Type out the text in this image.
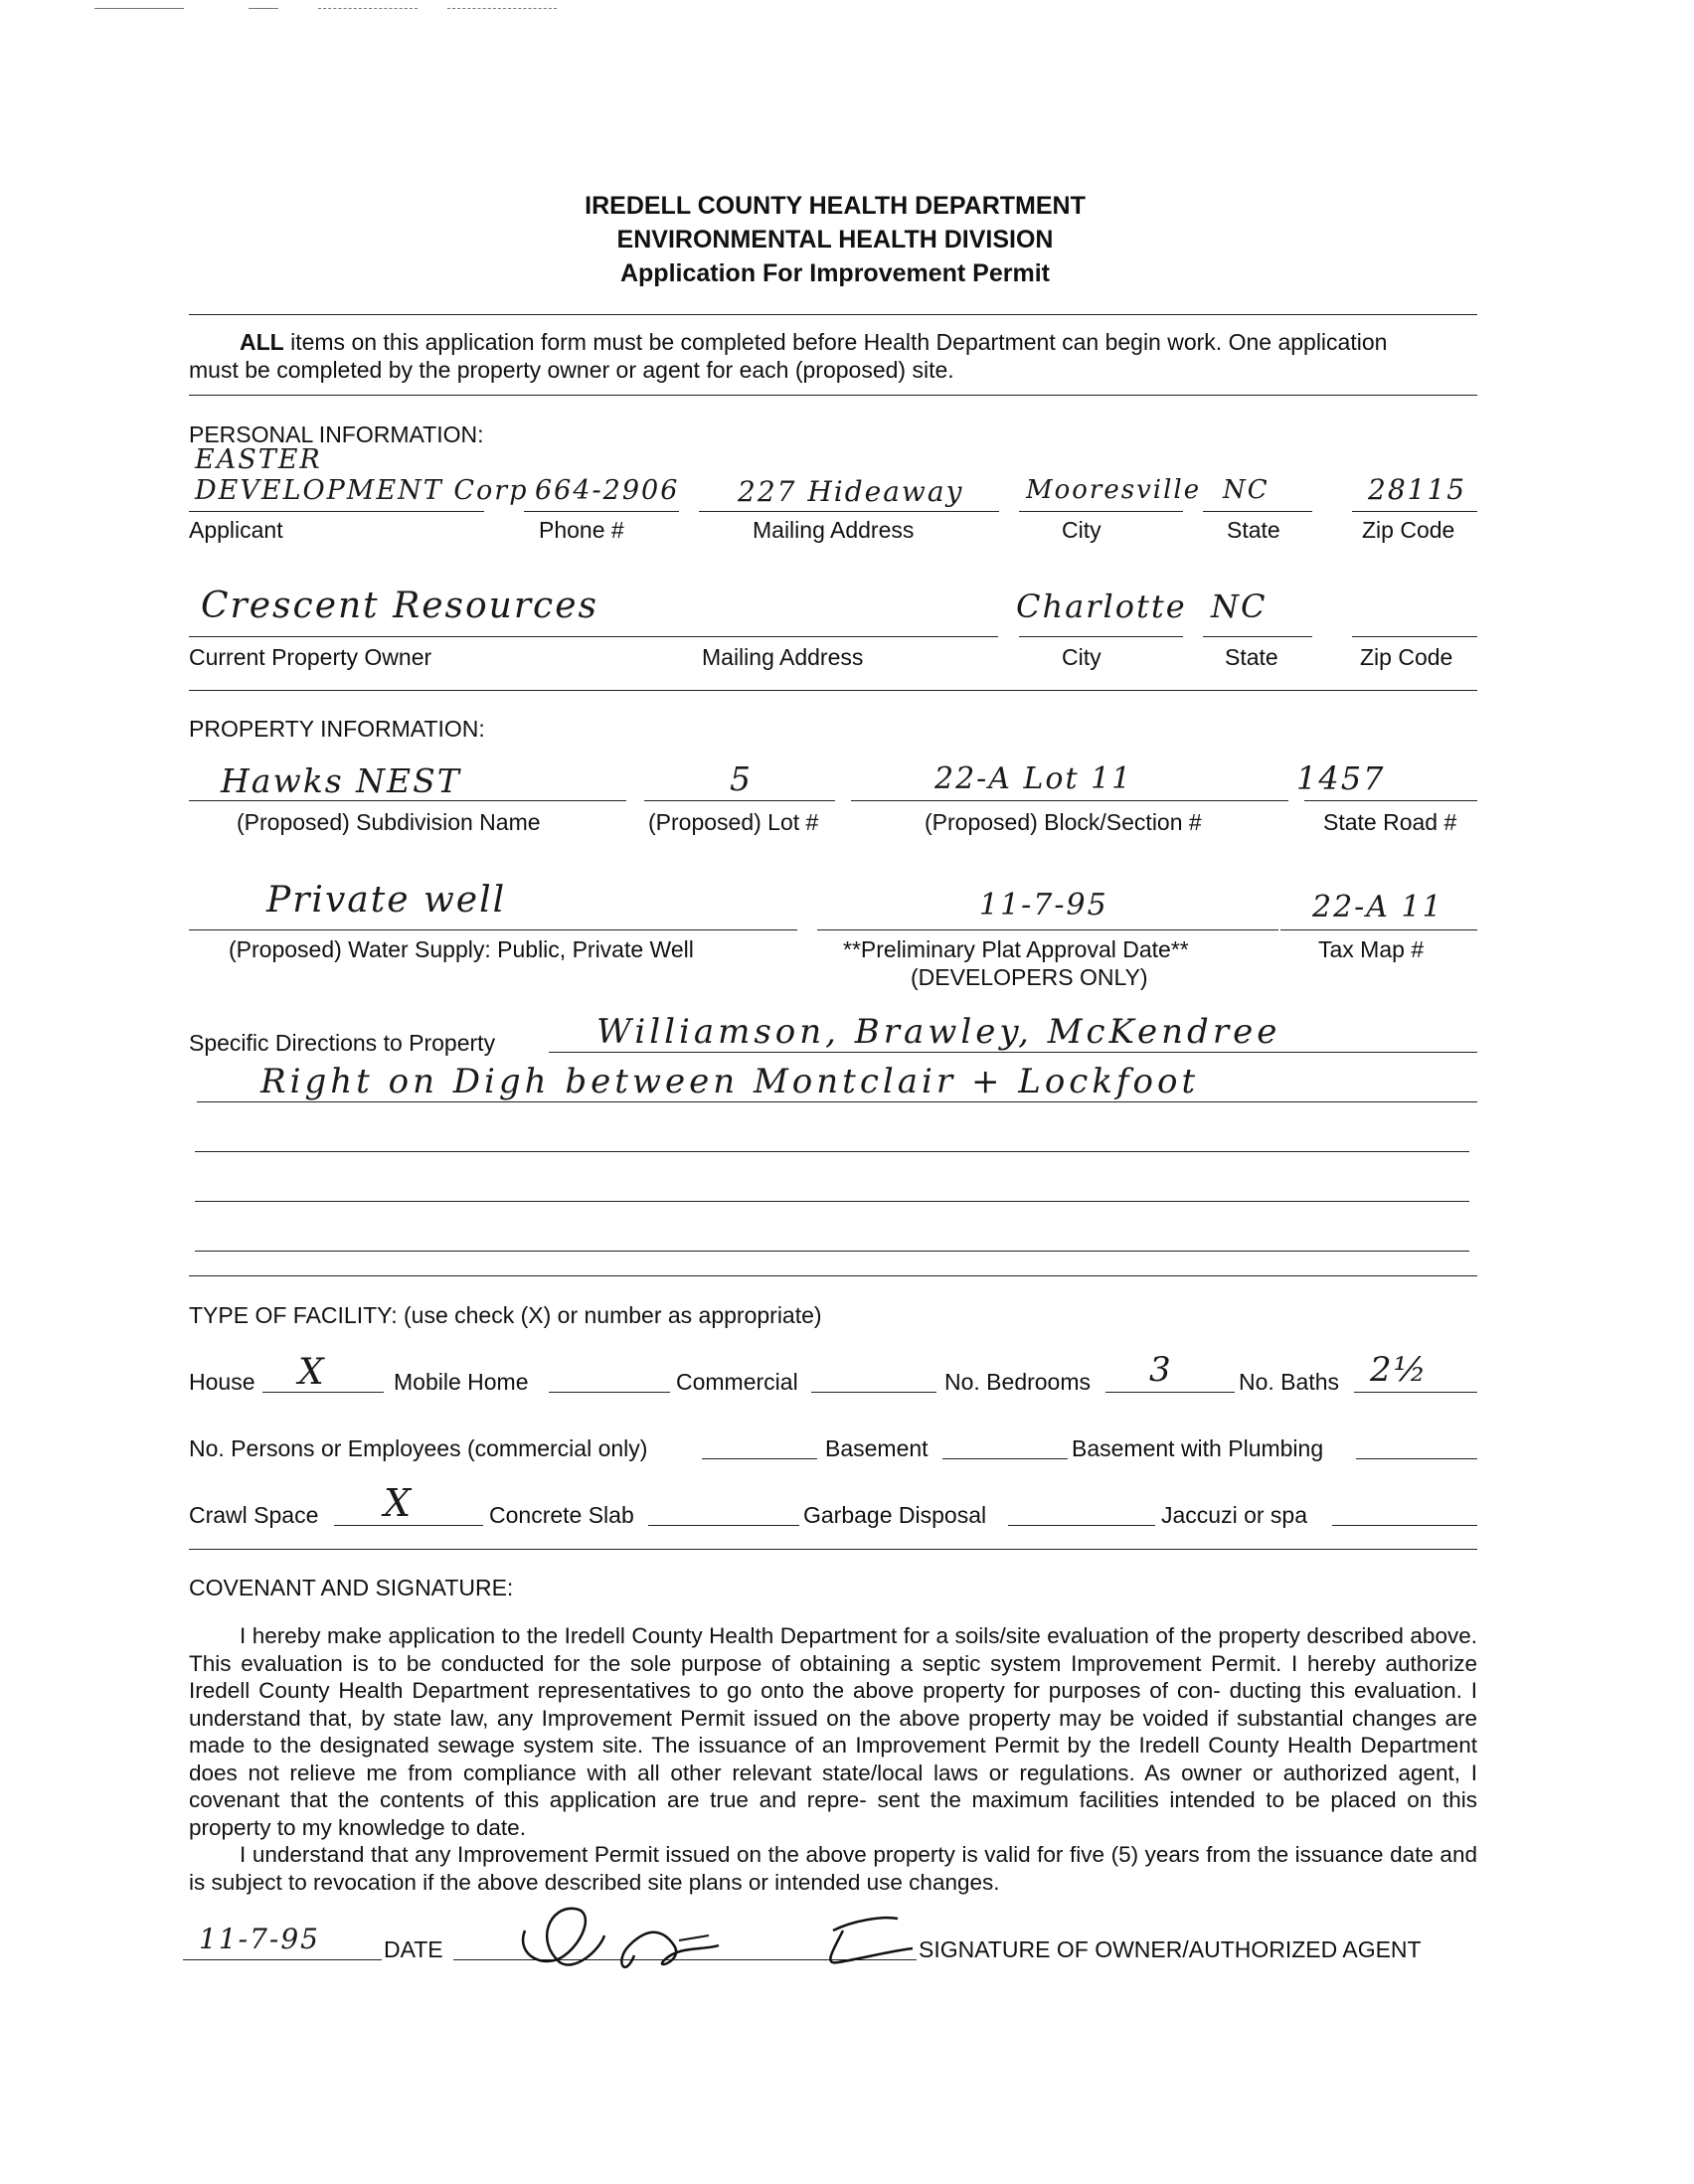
IREDELL COUNTY HEALTH DEPARTMENT
ENVIRONMENTAL HEALTH DIVISION
Application For Improvement Permit
ALL items on this application form must be completed before Health Department can begin work. One application
must be completed by the property owner or agent for each (proposed) site.
PERSONAL INFORMATION:
EASTER
DEVELOPMENT Corp 664-2906 227 Hideaway Mooresville NC	28115
Applicant	Phone #	Mailing Address	City	State	Zip Code
Crescent Resources	Charlotte NC
Current Property Owner	Mailing Address	City	State	Zip Code
PROPERTY INFORMATION:
Hawks NEST	5	22-A Lot 11	1457
(Proposed) Subdivision Name	(Proposed) Lot #	(Proposed) Block/Section #	State Road #
Private well	11-7-95	22-A 11
(Proposed) Water Supply: Public, Private Well	**Preliminary Plat Approval Date**
(DEVELOPERS ONLY)
Tax Map #
Specific Directions to Property	Williamson, Brawley, McKendree
Right on Digh between Montclair + Lockfoot
TYPE OF FACILITY: (use check (X) or number as appropriate)
House X	Mobile Home	Commercial	No. Bedrooms 3	No. Baths 2½
No. Persons or Employees (commercial only)	Basement	Basement with Plumbing
Crawl Space X	Concrete Slab	Garbage Disposal	Jaccuzi or spa
COVENANT AND SIGNATURE:
I hereby make application to the Iredell County Health Department for a soils/site evaluation of the property described above. This evaluation is to be conducted for the sole purpose of obtaining a septic system Improvement Permit. I hereby authorize Iredell County Health Department representatives to go onto the above property for purposes of con- ducting this evaluation. I understand that, by state law, any Improvement Permit issued on the above property may be voided if substantial changes are made to the designated sewage system site. The issuance of an Improvement Permit by the Iredell County Health Department does not relieve me from compliance with all other relevant state/local laws or regulations. As owner or authorized agent, I covenant that the contents of this application are true and repre- sent the maximum facilities intended to be placed on this property to my knowledge to date.
I understand that any Improvement Permit issued on the above property is valid for five (5) years from the issuance date and is subject to revocation if the above described site plans or intended use changes.
11-7-95	DATE	SIGNATURE OF OWNER/AUTHORIZED AGENT
